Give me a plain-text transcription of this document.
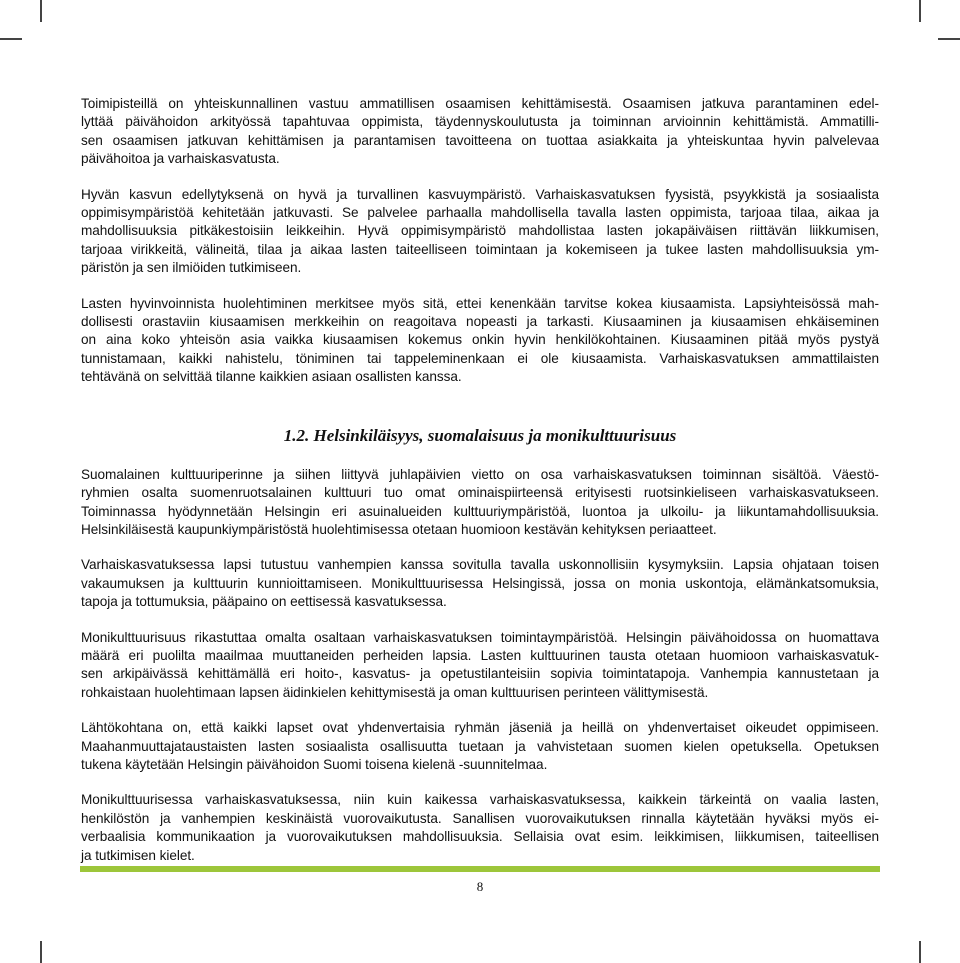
Toimipisteillä on yhteiskunnallinen vastuu ammatillisen osaamisen kehittämisestä. Osaamisen jatkuva parantaminen edel-
lyttää päivähoidon arkityössä tapahtuvaa oppimista, täydennyskoulutusta ja toiminnan arvioinnin kehittämistä. Ammatilli-
sen osaamisen jatkuvan kehittämisen ja parantamisen tavoitteena on tuottaa asiakkaita ja yhteiskuntaa hyvin palvelevaa
päivähoitoa ja varhaiskasvatusta.

Hyvän kasvun edellytyksenä on hyvä ja turvallinen kasvuympäristö. Varhaiskasvatuksen fyysistä, psyykkistä ja sosiaalista
oppimisympäristöä kehitetään jatkuvasti. Se palvelee parhaalla mahdollisella tavalla lasten oppimista, tarjoaa tilaa, aikaa ja
mahdollisuuksia pitkäkestoisiin leikkeihin. Hyvä oppimisympäristö mahdollistaa lasten jokapäiväisen riittävän liikkumisen,
tarjoaa virikkeitä, välineitä, tilaa ja aikaa lasten taiteelliseen toimintaan ja kokemiseen ja tukee lasten mahdollisuuksia ym-
päristön ja sen ilmiöiden tutkimiseen.

Lasten hyvinvoinnista huolehtiminen merkitsee myös sitä, ettei kenenkään tarvitse kokea kiusaamista. Lapsiyhteisössä mah-
dollisesti orastaviin kiusaamisen merkkeihin on reagoitava nopeasti ja tarkasti. Kiusaaminen ja kiusaamisen ehkäiseminen
on aina koko yhteisön asia vaikka kiusaamisen kokemus onkin hyvin henkilökohtainen. Kiusaaminen pitää myös pystyä
tunnistamaan, kaikki nahistelu, töniminen tai tappeleminenkaan ei ole kiusaamista. Varhaiskasvatuksen ammattilaisten
tehtävänä on selvittää tilanne kaikkien asiaan osallisten kanssa.

1.2. Helsinkiläisyys, suomalaisuus ja monikulttuurisuus

Suomalainen kulttuuriperinne ja siihen liittyvä juhlapäivien vietto on osa varhaiskasvatuksen toiminnan sisältöä. Väestö-
ryhmien osalta suomenruotsalainen kulttuuri tuo omat ominaispiirteensä erityisesti ruotsinkieliseen varhaiskasvatukseen.
Toiminnassa hyödynnetään Helsingin eri asuinalueiden kulttuuriympäristöä, luontoa ja ulkoilu- ja liikuntamahdollisuuksia.
Helsinkiläisestä kaupunkiympäristöstä huolehtimisessa otetaan huomioon kestävän kehityksen periaatteet.

Varhaiskasvatuksessa lapsi tutustuu vanhempien kanssa sovitulla tavalla uskonnollisiin kysymyksiin. Lapsia ohjataan toisen
vakaumuksen ja kulttuurin kunnioittamiseen. Monikulttuurisessa Helsingissä, jossa on monia uskontoja, elämänkatsomuksia,
tapoja ja tottumuksia, pääpaino on eettisessä kasvatuksessa.

Monikulttuurisuus rikastuttaa omalta osaltaan varhaiskasvatuksen toimintaympäristöä. Helsingin päivähoidossa on huomattava
määrä eri puolilta maailmaa muuttaneiden perheiden lapsia. Lasten kulttuurinen tausta otetaan huomioon varhaiskasvatuk-
sen arkipäivässä kehittämällä eri hoito-, kasvatus- ja opetustilanteisiin sopivia toimintatapoja. Vanhempia kannustetaan ja
rohkaistaan huolehtimaan lapsen äidinkielen kehittymisestä ja oman kulttuurisen perinteen välittymisestä.

Lähtökohtana on, että kaikki lapset ovat yhdenvertaisia ryhmän jäseniä ja heillä on yhdenvertaiset oikeudet oppimiseen.
Maahanmuuttajataustaisten lasten sosiaalista osallisuutta tuetaan ja vahvistetaan suomen kielen opetuksella. Opetuksen
tukena käytetään Helsingin päivähoidon Suomi toisena kielenä -suunnitelmaa.

Monikulttuurisessa varhaiskasvatuksessa, niin kuin kaikessa varhaiskasvatuksessa, kaikkein tärkeintä on vaalia lasten,
henkilöstön ja vanhempien keskinäistä vuorovaikutusta. Sanallisen vuorovaikutuksen rinnalla käytetään hyväksi myös ei-
verbaalisia kommunikaation ja vuorovaikutuksen mahdollisuuksia. Sellaisia ovat esim. leikkimisen, liikkumisen, taiteellisen
ja tutkimisen kielet.

8
